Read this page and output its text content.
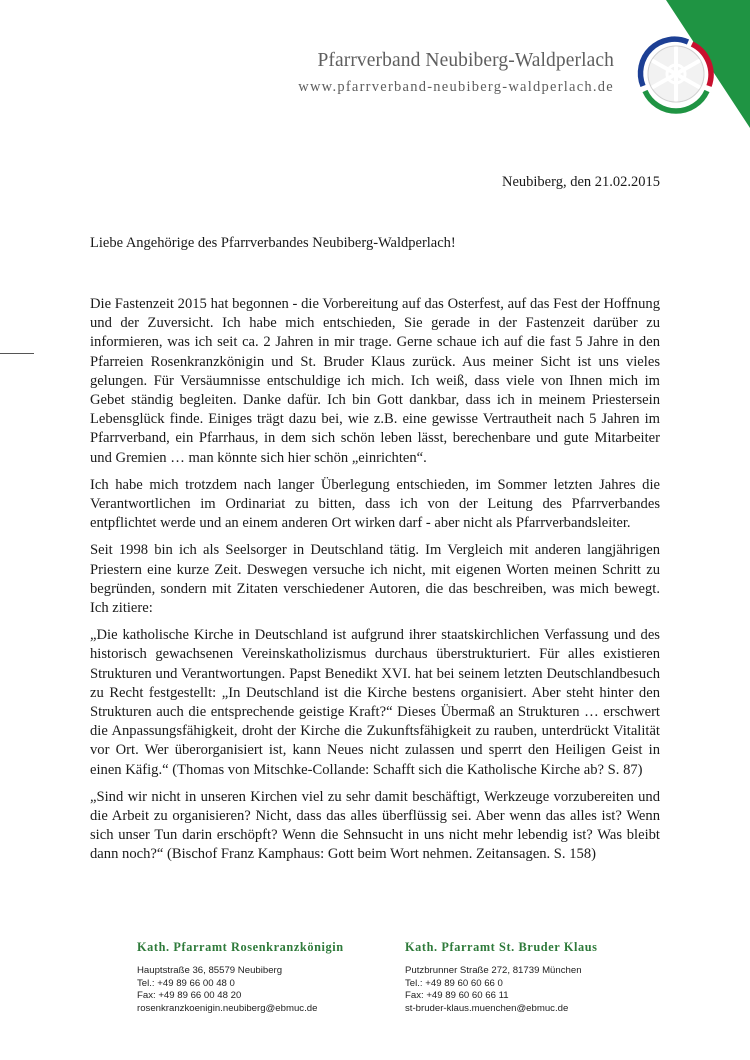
Pfarrverband Neubiberg-Waldperlach
www.pfarrverband-neubiberg-waldperlach.de
Neubiberg, den 21.02.2015
Liebe Angehörige des Pfarrverbandes Neubiberg-Waldperlach!

Die Fastenzeit 2015 hat begonnen - die Vorbereitung auf das Osterfest, auf das Fest der Hoffnung und der Zuversicht. Ich habe mich entschieden, Sie gerade in der Fastenzeit darüber zu informieren, was ich seit ca. 2 Jahren in mir trage. Gerne schaue ich auf die fast 5 Jahre in den Pfarreien Rosenkranzkönigin und St. Bruder Klaus zurück. Aus meiner Sicht ist uns vieles gelungen. Für Versäumnisse entschuldige ich mich. Ich weiß, dass viele von Ihnen mich im Gebet ständig begleiten. Danke dafür. Ich bin Gott dankbar, dass ich in meinem Priestersein Lebensglück finde. Einiges trägt dazu bei, wie z.B. eine gewisse Vertrautheit nach 5 Jahren im Pfarrverband, ein Pfarrhaus, in dem sich schön leben lässt, berechenbare und gute Mitarbeiter und Gremien … man könnte sich hier schön „einrichten“.

Ich habe mich trotzdem nach langer Überlegung entschieden, im Sommer letzten Jahres die Verantwortlichen im Ordinariat zu bitten, dass ich von der Leitung des Pfarrverbandes entpflichtet werde und an einem anderen Ort wirken darf - aber nicht als Pfarrverbandsleiter.

Seit 1998 bin ich als Seelsorger in Deutschland tätig. Im Vergleich mit anderen langjährigen Priestern eine kurze Zeit. Deswegen versuche ich nicht, mit eigenen Worten meinen Schritt zu begründen, sondern mit Zitaten verschiedener Autoren, die das beschreiben, was mich bewegt. Ich zitiere:

„Die katholische Kirche in Deutschland ist aufgrund ihrer staatskirchlichen Verfassung und des historisch gewachsenen Vereinskatholizismus durchaus überstrukturiert. Für alles existieren Strukturen und Verantwortungen. Papst Benedikt XVI. hat bei seinem letzten Deutschlandbesuch zu Recht festgestellt: „In Deutschland ist die Kirche bestens organisiert. Aber steht hinter den Strukturen auch die entsprechende geistige Kraft?“ Dieses Übermaß an Strukturen … erschwert die Anpassungsfähigkeit, droht der Kirche die Zukunftsfähigkeit zu rauben, unterdrückt Vitalität vor Ort. Wer überorganisiert ist, kann Neues nicht zulassen und sperrt den Heiligen Geist in einen Käfig.“ (Thomas von Mitschke-Collande: Schafft sich die Katholische Kirche ab? S. 87)

„Sind wir nicht in unseren Kirchen viel zu sehr damit beschäftigt, Werkzeuge vorzubereiten und die Arbeit zu organisieren? Nicht, dass das alles überflüssig sei. Aber wenn das alles ist? Wenn sich unser Tun darin erschöpft? Wenn die Sehnsucht in uns nicht mehr lebendig ist? Was bleibt dann noch?“ (Bischof Franz Kamphaus: Gott beim Wort nehmen. Zeitansagen. S. 158)

Kath. Pfarramt Rosenkranzkönigin
Hauptstraße 36, 85579 Neubiberg
Tel.: +49 89 66 00 48 0
Fax: +49 89 66 00 48 20
rosenkranzkoenigin.neubiberg@ebmuc.de
Kath. Pfarramt St. Bruder Klaus
Putzbrunner Straße 272, 81739 München
Tel.: +49 89 60 60 66 0
Fax: +49 89 60 60 66 11
st-bruder-klaus.muenchen@ebmuc.de
